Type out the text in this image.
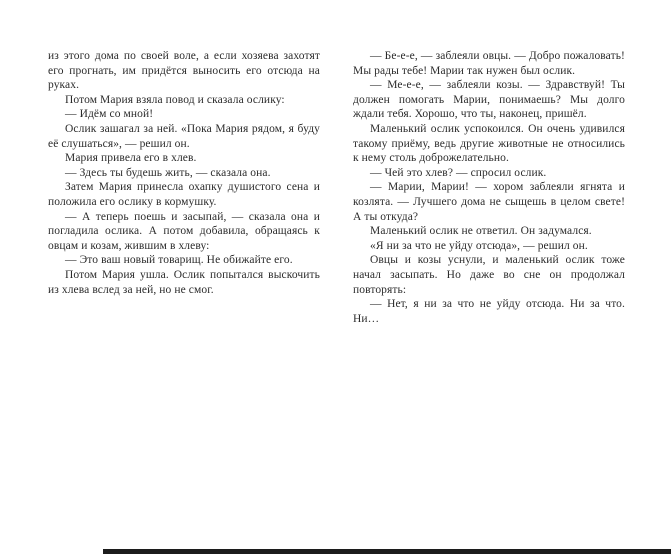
из этого дома по своей воле, а если хозяева захотят его прогнать, им придётся выносить его отсюда на руках.

Потом Мария взяла повод и сказала ослику:

— Идём со мной!

Ослик зашагал за ней. «Пока Мария рядом, я буду её слушаться», — решил он.

Мария привела его в хлев.

— Здесь ты будешь жить, — сказала она.

Затем Мария принесла охапку душистого сена и положила его ослику в кормушку.

— А теперь поешь и засыпай, — сказала она и погладила ослика. А потом добавила, обращаясь к овцам и козам, жившим в хлеву:

— Это ваш новый товарищ. Не обижайте его.

Потом Мария ушла. Ослик попытался выскочить из хлева вслед за ней, но не смог.

— Бе-е-е, — заблеяли овцы. — Добро пожаловать! Мы рады тебе! Марии так нужен был ослик.

— Ме-е-е, — заблеяли козы. — Здравствуй! Ты должен помогать Марии, понимаешь? Мы долго ждали тебя. Хорошо, что ты, наконец, пришёл.

Маленький ослик успокоился. Он очень удивился такому приёму, ведь другие животные не относились к нему столь доброжелательно.

— Чей это хлев? — спросил ослик.

— Марии, Марии! — хором заблеяли ягнята и козлята. — Лучшего дома не сыщешь в целом свете! А ты откуда?

Маленький ослик не ответил. Он задумался.

«Я ни за что не уйду отсюда», — решил он.

Овцы и козы уснули, и маленький ослик тоже начал засыпать. Но даже во сне он продолжал повторять:

— Нет, я ни за что не уйду отсюда. Ни за что. Ни…
